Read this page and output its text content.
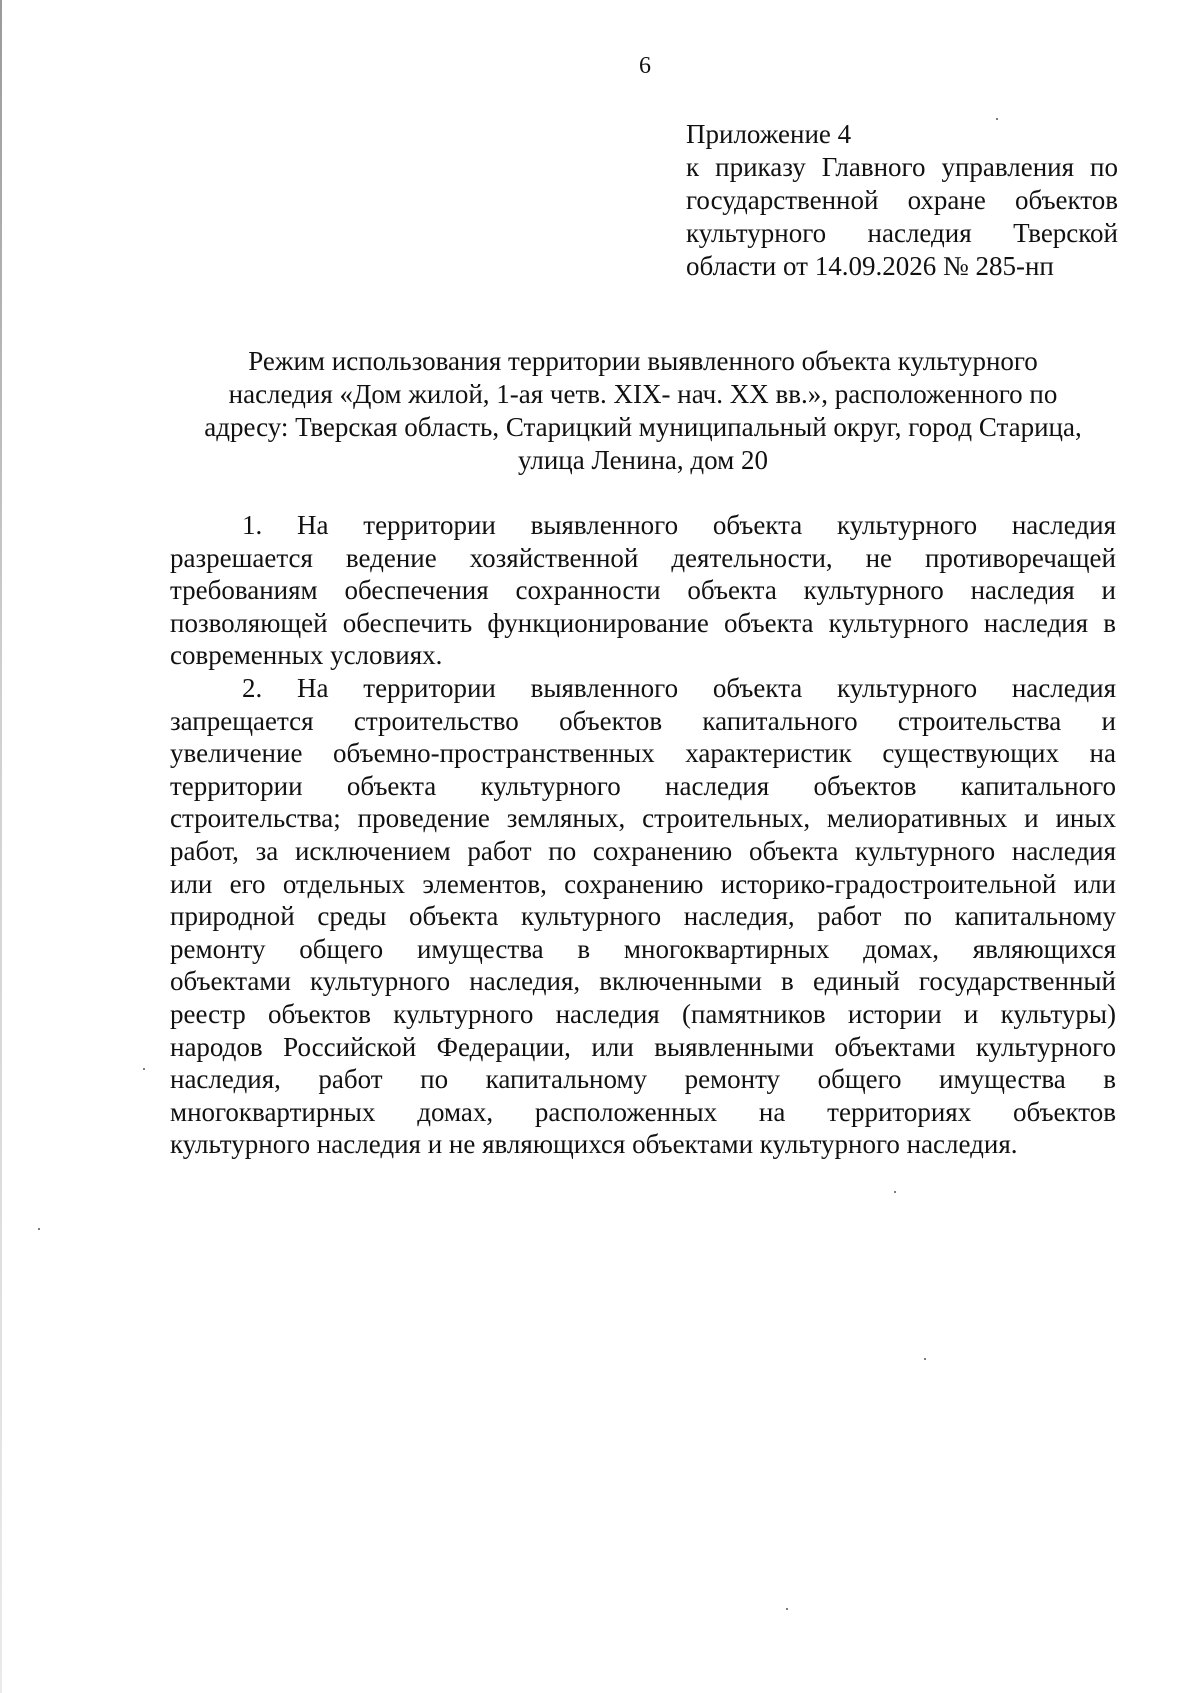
6
Приложение 4
к приказу Главного управления по
государственной охране объектов
культурного наследия Тверской
области от 14.09.2026 № 285-нп
Режим использования территории выявленного объекта культурного
наследия «Дом жилой, 1-ая четв. XIX- нач. XX вв.», расположенного по
адресу: Тверская область, Старицкий муниципальный округ, город Старица,
улица Ленина, дом 20

1. На территории выявленного объекта культурного наследия
разрешается ведение хозяйственной деятельности, не противоречащей
требованиям обеспечения сохранности объекта культурного наследия и
позволяющей обеспечить функционирование объекта культурного наследия в
современных условиях.

2. На территории выявленного объекта культурного наследия
запрещается строительство объектов капитального строительства и
увеличение объемно-пространственных характеристик существующих на
территории объекта культурного наследия объектов капитального
строительства; проведение земляных, строительных, мелиоративных и иных
работ, за исключением работ по сохранению объекта культурного наследия
или его отдельных элементов, сохранению историко-градостроительной или
природной среды объекта культурного наследия, работ по капитальному
ремонту общего имущества в многоквартирных домах, являющихся
объектами культурного наследия, включенными в единый государственный
реестр объектов культурного наследия (памятников истории и культуры)
народов Российской Федерации, или выявленными объектами культурного
наследия, работ по капитальному ремонту общего имущества в
многоквартирных домах, расположенных на территориях объектов
культурного наследия и не являющихся объектами культурного наследия.
